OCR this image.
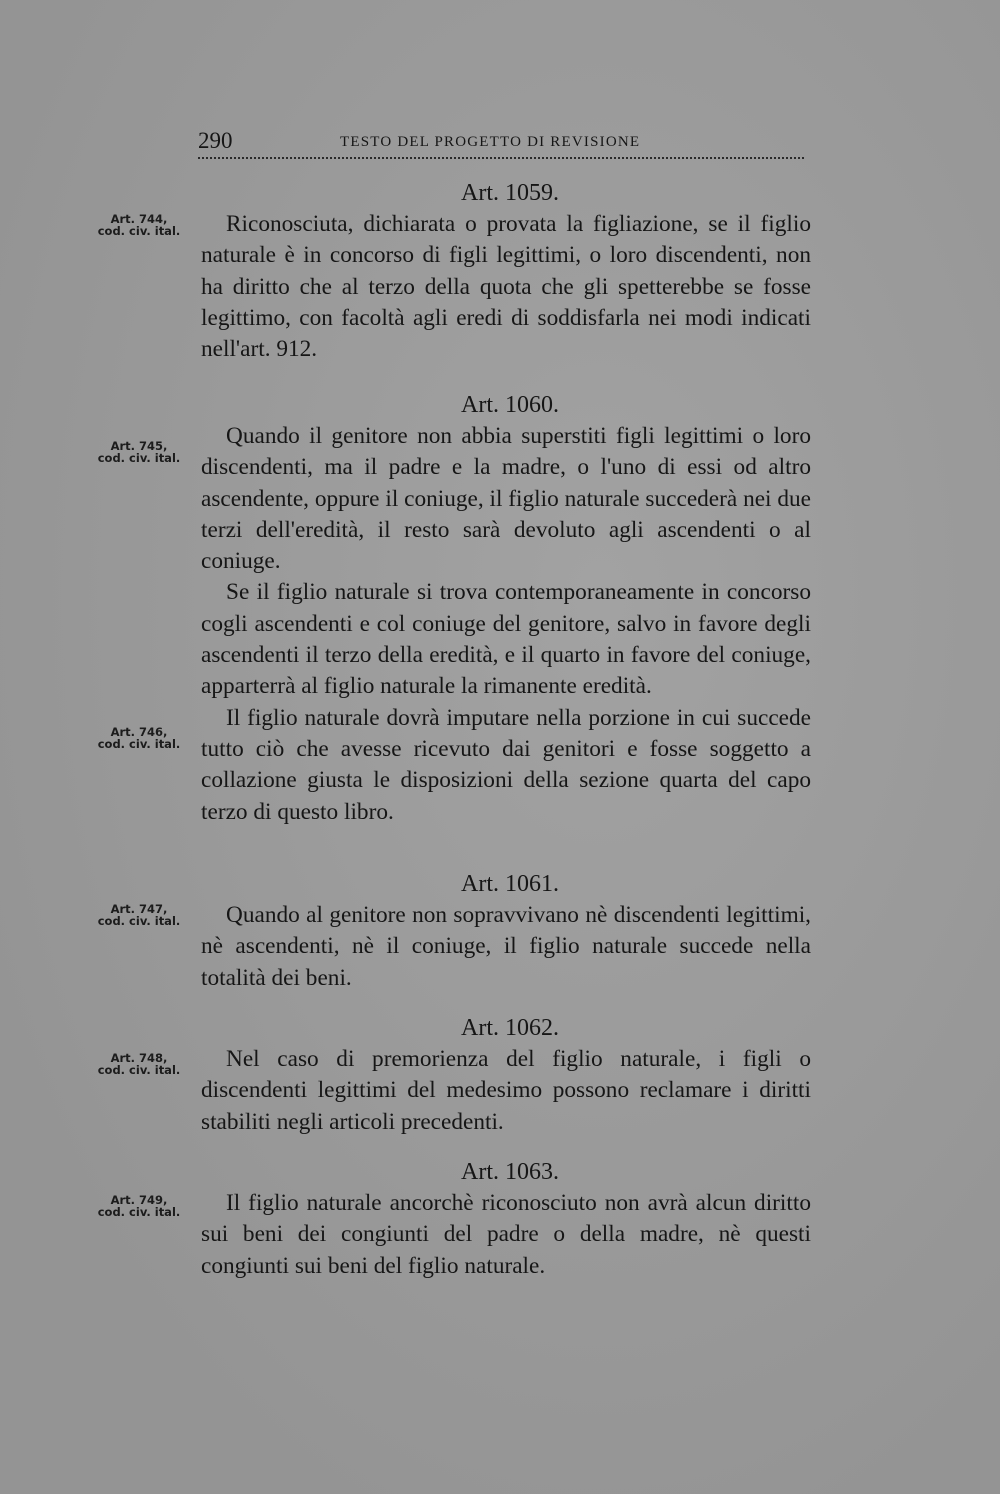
290	TESTO DEL PROGETTO DI REVISIONE
Art. 744,
cod. civ. ital.
Art. 745,
cod. civ. ital.
Art. 746,
cod. civ. ital.
Art. 747,
cod. civ. ital.
Art. 748,
cod. civ. ital.
Art. 749,
cod. civ. ital.
Art. 1059.

Riconosciuta, dichiarata o provata la figliazione, se il figlio naturale è in concorso di figli legittimi, o loro discendenti, non ha diritto che al terzo della quota che gli spetterebbe se fosse legittimo, con facoltà agli eredi di soddisfarla nei modi indicati nell'art. 912.

Art. 1060.

Quando il genitore non abbia superstiti figli legittimi o loro discendenti, ma il padre e la madre, o l'uno di essi od altro ascendente, oppure il coniuge, il figlio naturale succederà nei due terzi dell'eredità, il resto sarà devoluto agli ascendenti o al coniuge.

Se il figlio naturale si trova contemporaneamente in concorso cogli ascendenti e col coniuge del genitore, salvo in favore degli ascendenti il terzo della eredità, e il quarto in favore del coniuge, apparterrà al figlio naturale la rimanente eredità.

Il figlio naturale dovrà imputare nella porzione in cui succede tutto ciò che avesse ricevuto dai genitori e fosse soggetto a collazione giusta le disposizioni della sezione quarta del capo terzo di questo libro.

Art. 1061.

Quando al genitore non sopravvivano nè discendenti legittimi, nè ascendenti, nè il coniuge, il figlio naturale succede nella totalità dei beni.

Art. 1062.

Nel caso di premorienza del figlio naturale, i figli o discendenti legittimi del medesimo possono reclamare i diritti stabiliti negli articoli precedenti.

Art. 1063.

Il figlio naturale ancorchè riconosciuto non avrà alcun diritto sui beni dei congiunti del padre o della madre, nè questi congiunti sui beni del figlio naturale.
